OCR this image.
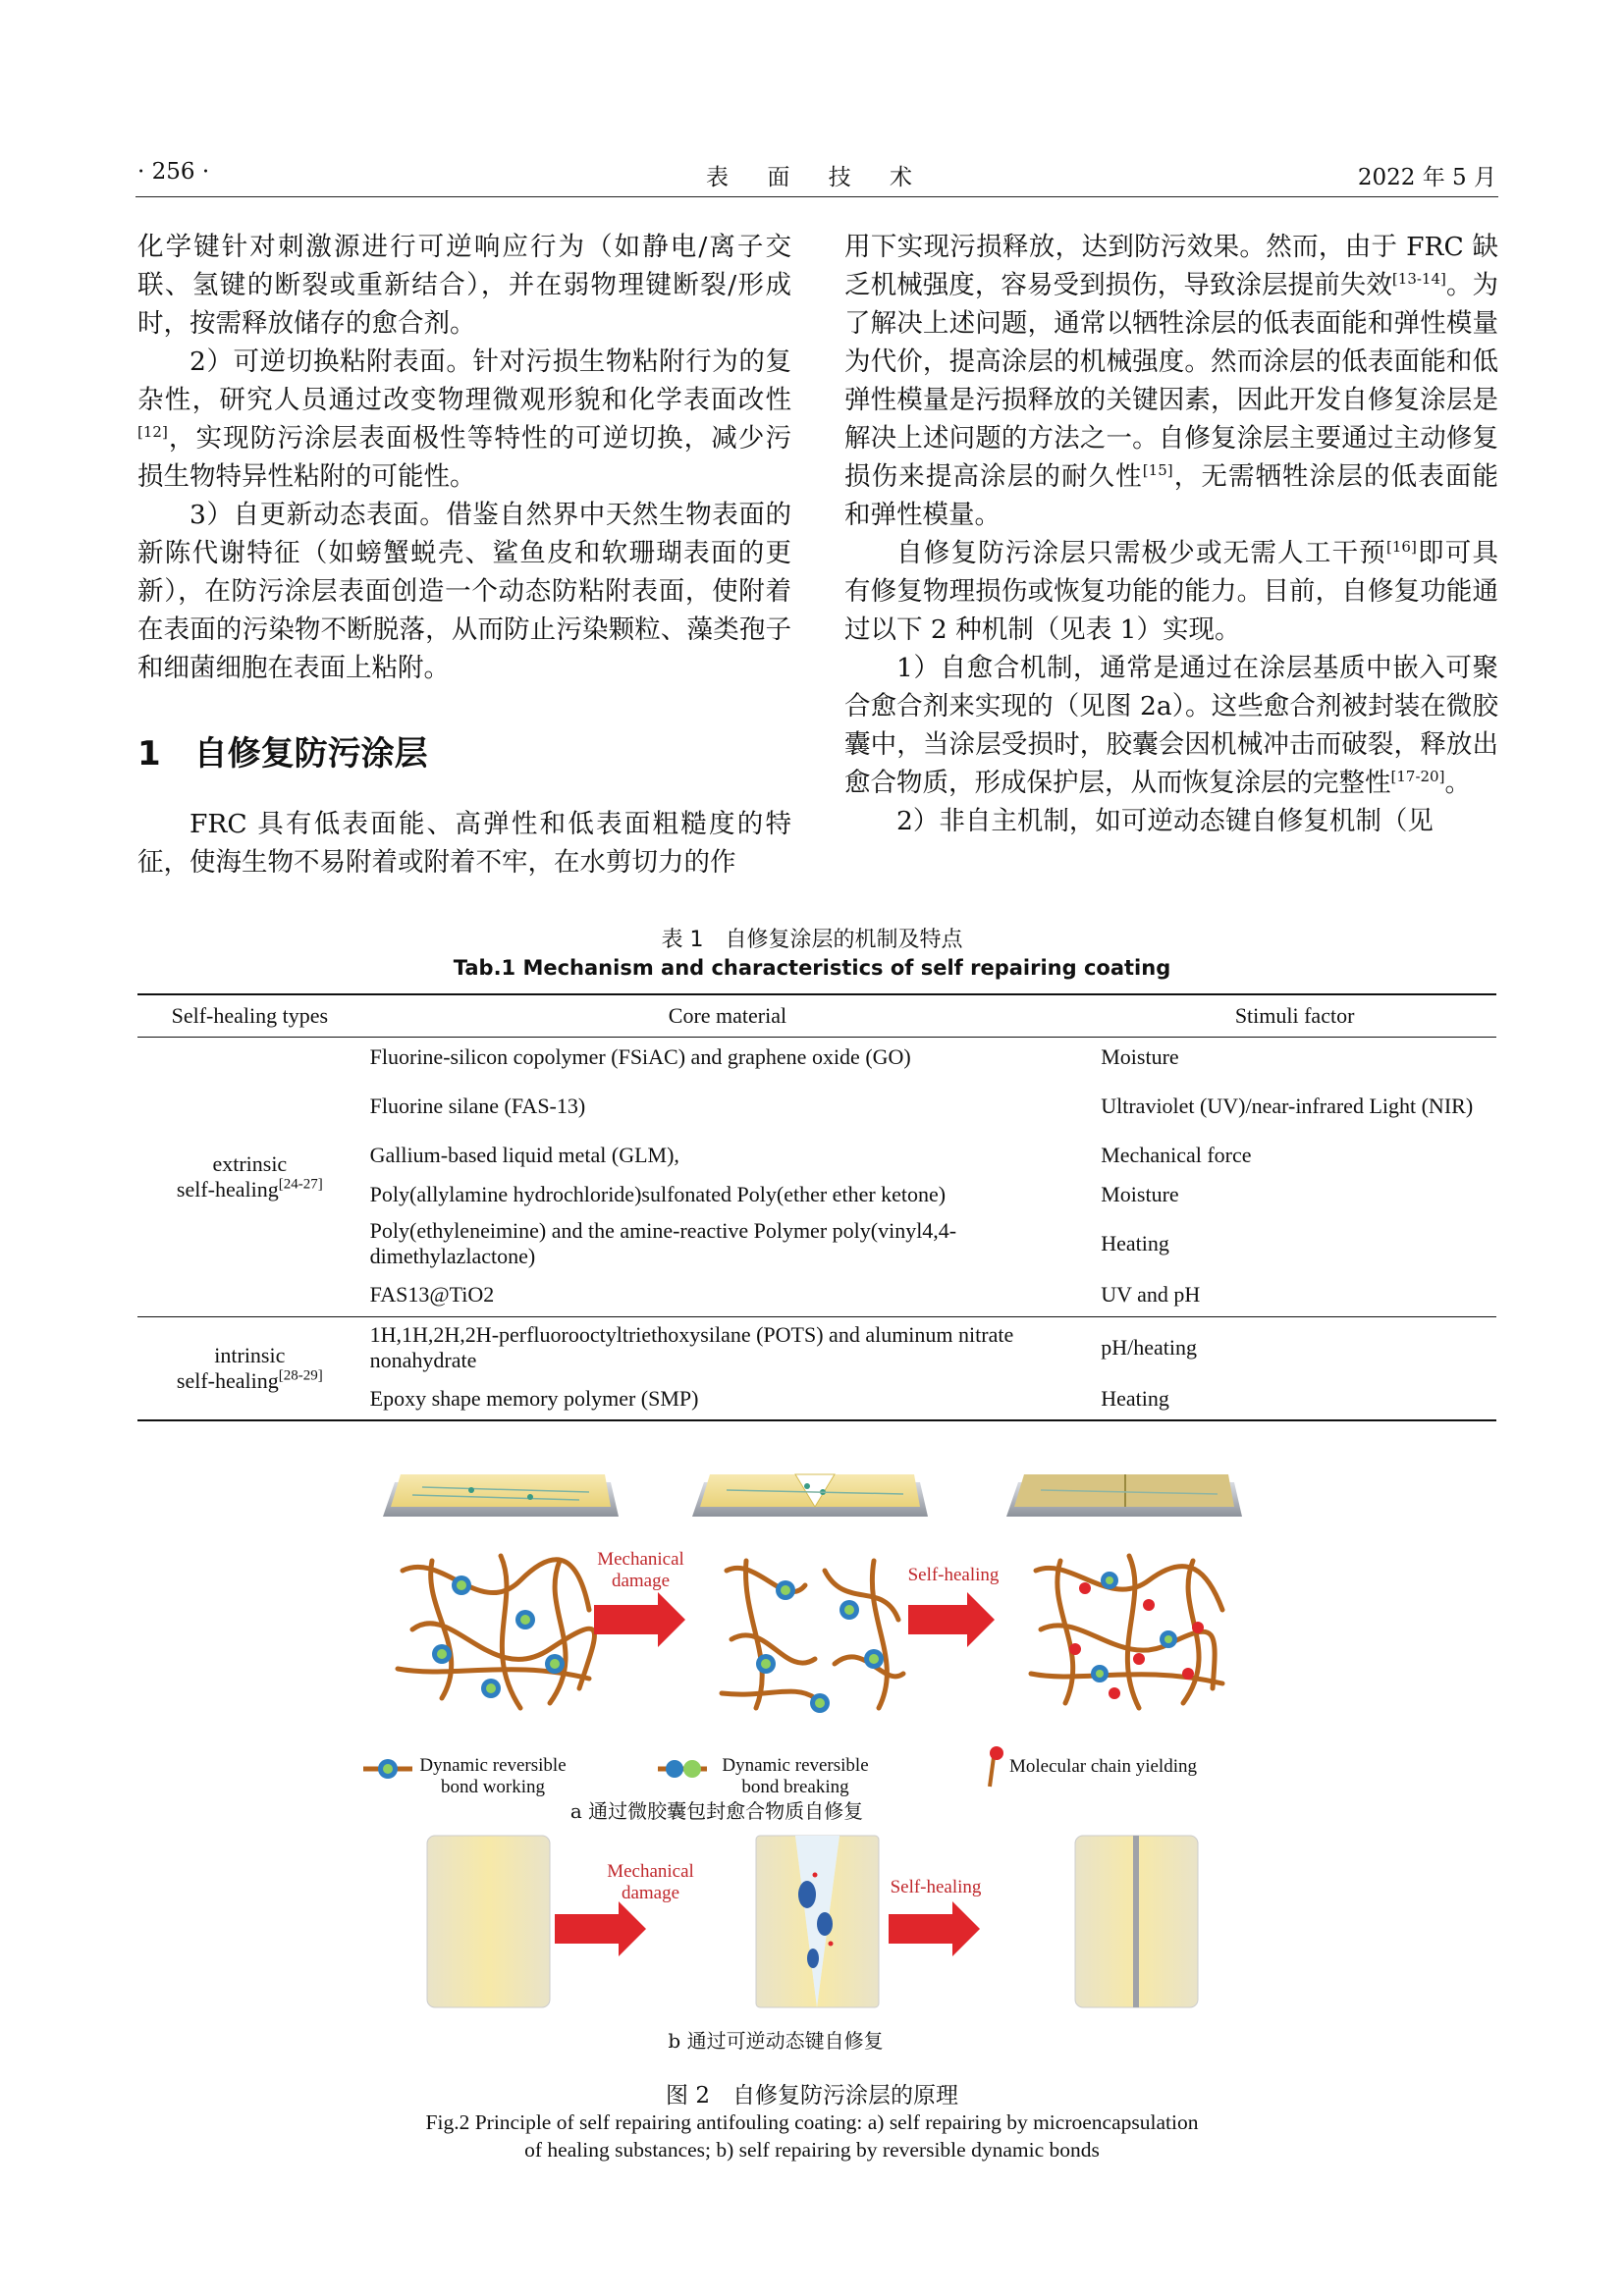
· 256 ·	表 面 技 术	2022 年 5 月

化学键针对刺激源进行可逆响应行为（如静电/离子交联、氢键的断裂或重新结合），并在弱物理键断裂/形成时，按需释放储存的愈合剂。

2）可逆切换粘附表面。针对污损生物粘附行为的复杂性，研究人员通过改变物理微观形貌和化学表面改性[12]，实现防污涂层表面极性等特性的可逆切换，减少污损生物特异性粘附的可能性。

3）自更新动态表面。借鉴自然界中天然生物表面的新陈代谢特征（如螃蟹蜕壳、鲨鱼皮和软珊瑚表面的更新），在防污涂层表面创造一个动态防粘附表面，使附着在表面的污染物不断脱落，从而防止污染颗粒、藻类孢子和细菌细胞在表面上粘附。

1 自修复防污涂层

FRC 具有低表面能、高弹性和低表面粗糙度的特征，使海生物不易附着或附着不牢，在水剪切力的作

用下实现污损释放，达到防污效果。然而，由于 FRC 缺乏机械强度，容易受到损伤，导致涂层提前失效[13-14]。为了解决上述问题，通常以牺牲涂层的低表面能和弹性模量为代价，提高涂层的机械强度。然而涂层的低表面能和低弹性模量是污损释放的关键因素，因此开发自修复涂层是解决上述问题的方法之一。自修复涂层主要通过主动修复损伤来提高涂层的耐久性[15]，无需牺牲涂层的低表面能和弹性模量。

自修复防污涂层只需极少或无需人工干预[16]即可具有修复物理损伤或恢复功能的能力。目前，自修复功能通过以下 2 种机制（见表 1）实现。

1）自愈合机制，通常是通过在涂层基质中嵌入可聚合愈合剂来实现的（见图 2a）。这些愈合剂被封装在微胶囊中，当涂层受损时，胶囊会因机械冲击而破裂，释放出愈合物质，形成保护层，从而恢复涂层的完整性[17-20]。

2）非自主机制，如可逆动态键自修复机制（见

表 1　自修复涂层的机制及特点
Tab.1 Mechanism and characteristics of self repairing coating
Self-healing types	Core material	Stimuli factor
extrinsic
self-healing[24-27]	Fluorine-silicon copolymer (FSiAC) and graphene oxide (GO)	Moisture
	Fluorine silane (FAS-13)	Ultraviolet (UV)/near-infrared Light (NIR)
	Gallium-based liquid metal (GLM),	Mechanical force
	Poly(allylamine hydrochloride)sulfonated Poly(ether ether ketone)	Moisture
	Poly(ethyleneimine) and the amine-reactive Polymer poly(vinyl4,4-dimethylazlactone)	Heating
	FAS13@TiO2	UV and pH
intrinsic
self-healing[28-29]	1H,1H,2H,2H-perfluorooctyltriethoxysilane (POTS) and aluminum nitrate nonahydrate	pH/heating
	Epoxy shape memory polymer (SMP)	Heating
Mechanical damage	Self-healing
Dynamic reversible bond working
Dynamic reversible bond breaking
Molecular chain yielding
a 通过微胶囊包封愈合物质自修复
Mechanical damage	Self-healing
b 通过可逆动态键自修复
图 2　自修复防污涂层的原理
Fig.2 Principle of self repairing antifouling coating: a) self repairing by microencapsulation
of healing substances; b) self repairing by reversible dynamic bonds
